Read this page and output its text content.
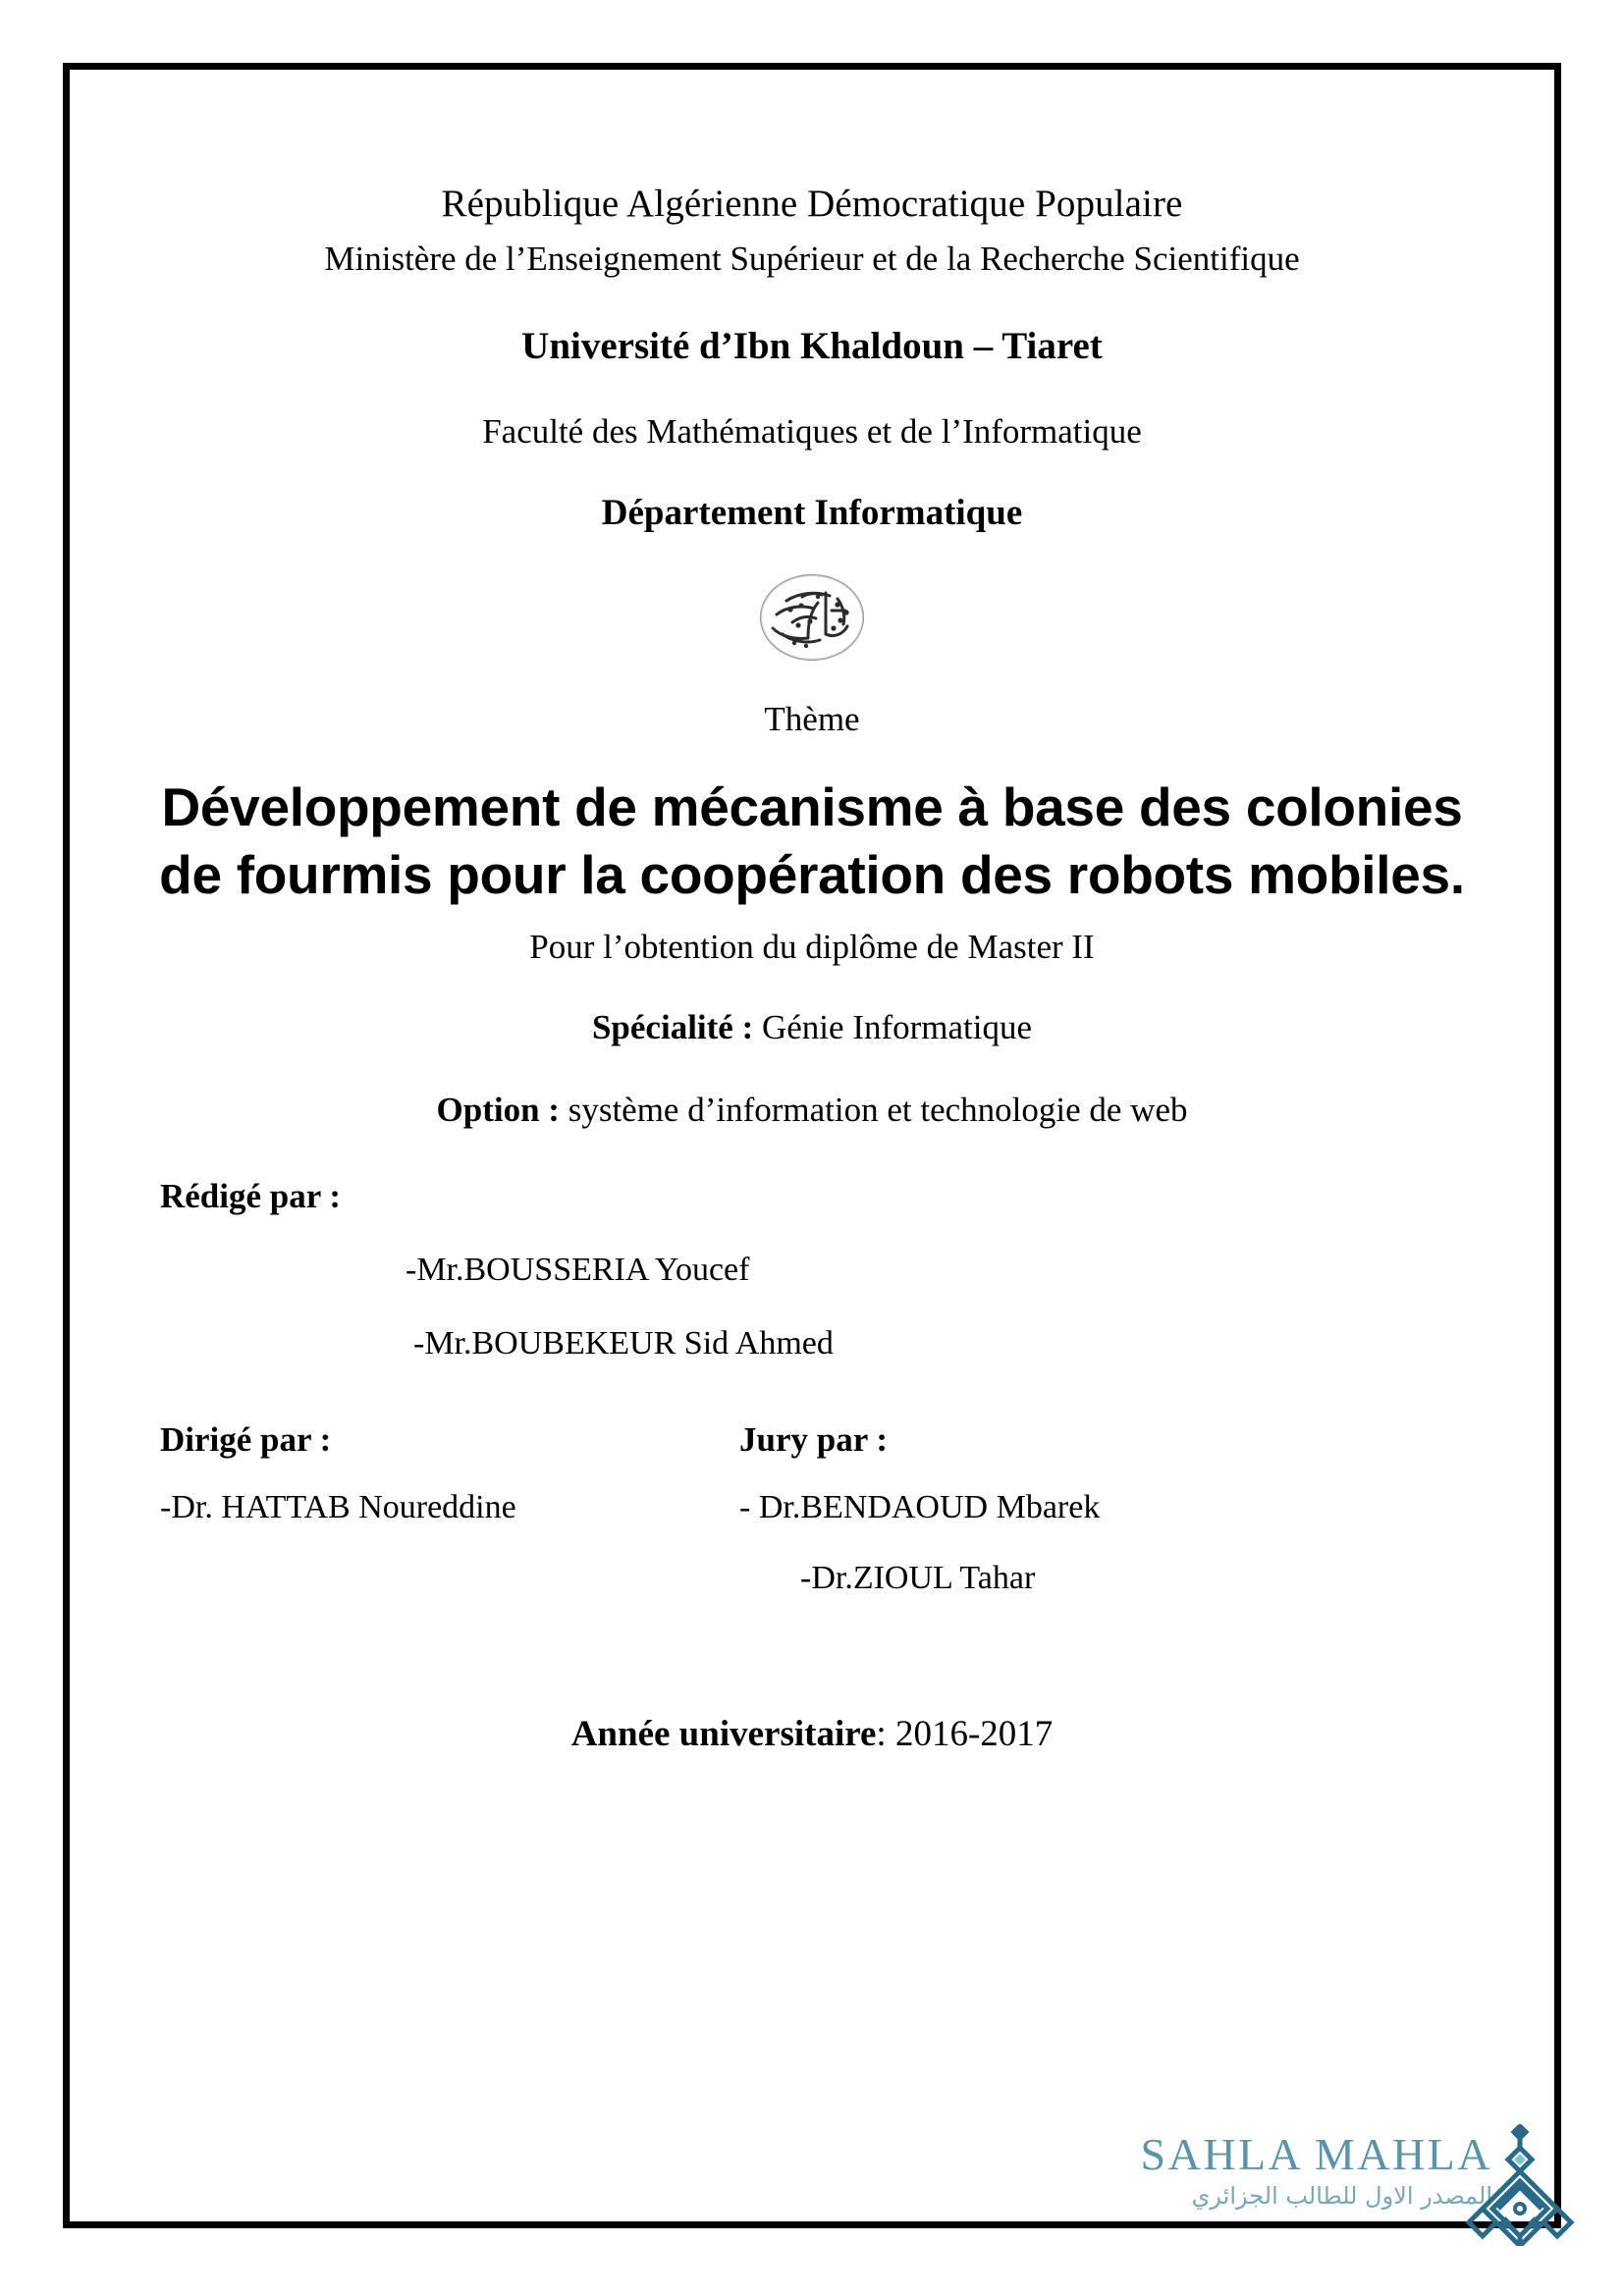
République Algérienne Démocratique Populaire
Ministère de l’Enseignement Supérieur et de la Recherche Scientifique
Université d’Ibn Khaldoun – Tiaret
Faculté des Mathématiques et de l’Informatique
Département Informatique
Thème
Développement de mécanisme à base des colonies de fourmis pour la coopération des robots mobiles.
Pour l’obtention du diplôme de Master II
Spécialité : Génie Informatique
Option : système d’information et technologie de web
Rédigé par :
-Mr.BOUSSERIA Youcef
-Mr.BOUBEKEUR Sid Ahmed
Dirigé par :
-Dr. HATTAB Noureddine
Jury par :
- Dr.BENDAOUD Mbarek
-Dr.ZIOUL Tahar
Année universitaire: 2016-2017
SAHLA MAHLA
المصدر الاول للطالب الجزائري
